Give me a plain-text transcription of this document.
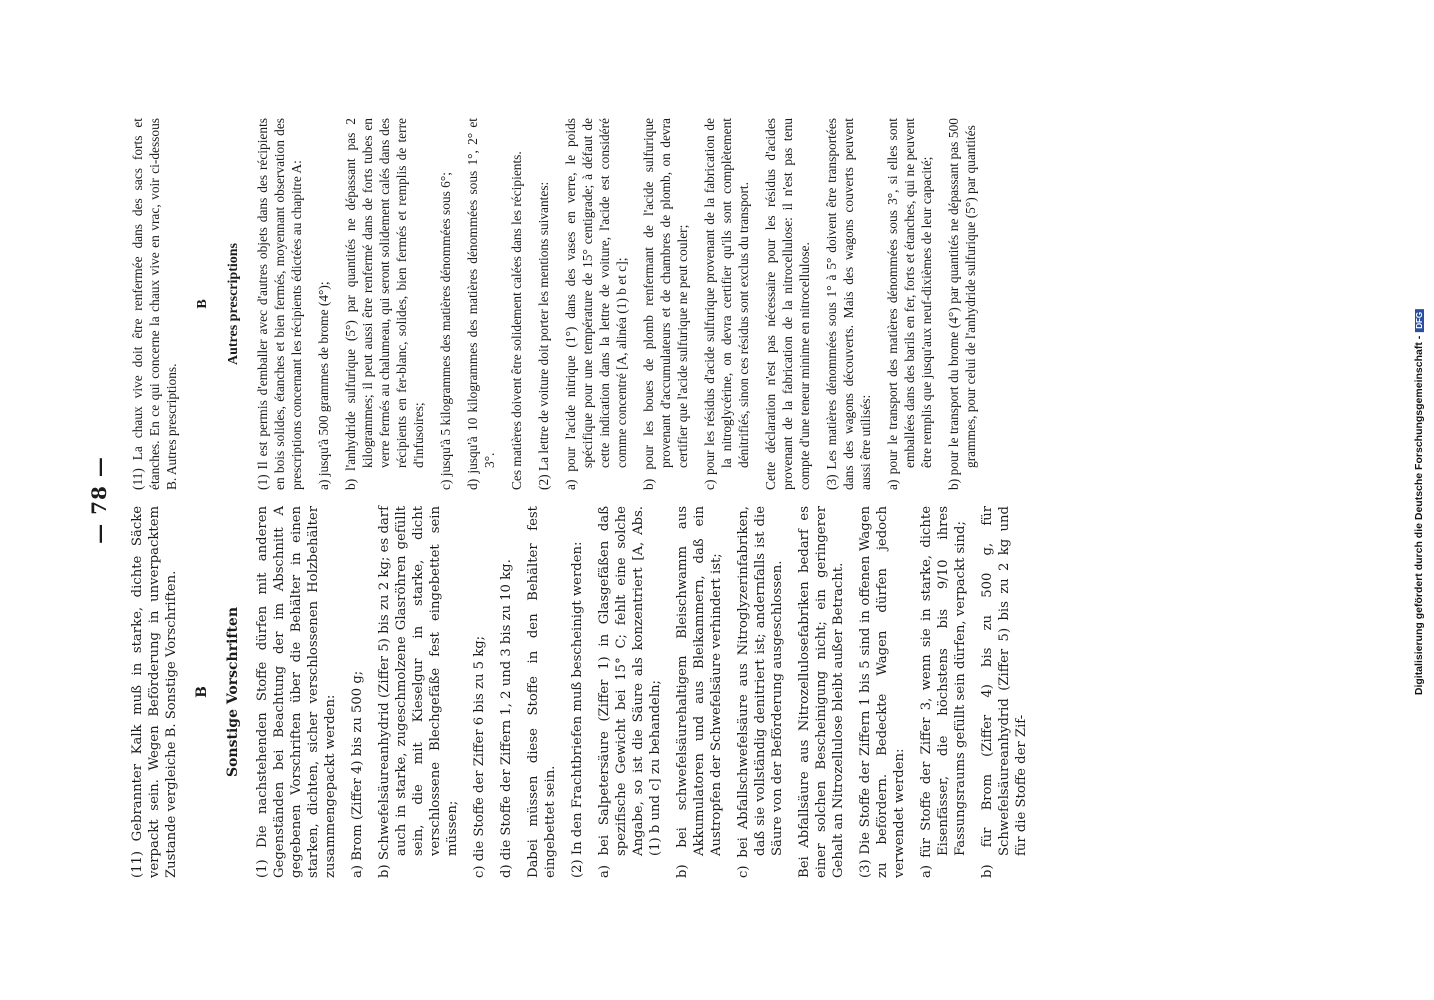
— 78 —

(11) Gebrannter Kalk muß in starke, dichte Säcke verpackt sein. Wegen Beförderung in unverpacktem Zustande vergleiche B. Sonstige Vorschriften. B Sonstige Vorschriften (1) Die nachstehenden Stoffe dürfen mit anderen Gegenständen bei Beachtung der im Abschnitt A gegebenen Vorschriften über die Behälter in einen starken, dichten, sicher verschlossenen Holzbehälter zusammengepackt werden: a) Brom (Ziffer 4) bis zu 500 g; b) Schwefelsäureanhydrid (Ziffer 5) bis zu 2 kg; es darf auch in starke, zugeschmolzene Glasröhren gefüllt sein, die mit Kieselgur in starke, dicht verschlossene Blechgefäße fest eingebettet sein müssen; c) die Stoffe der Ziffer 6 bis zu 5 kg; d) die Stoffe der Ziffern 1, 2 und 3 bis zu 10 kg. Dabei müssen diese Stoffe in den Behälter fest eingebettet sein. (2) In den Frachtbriefen muß bescheinigt werden: a) bei Salpetersäure (Ziffer 1) in Glasgefäßen daß spezifische Gewicht bei 15° C; fehlt eine solche Angabe, so ist die Säure als konzentriert [A, Abs. (1) b und c] zu behandeln; b) bei schwefelsäurehaltigem Bleischwamm aus Akkumulatoren und aus Bleikammern, daß ein Austropfen der Schwefelsäure verhindert ist; c) bei Abfallschwefelsäure aus Nitroglyzerinfabriken, daß sie vollständig denitriert ist; andernfalls ist die Säure von der Beförderung ausgeschlossen. Bei Abfallsäure aus Nitrozellulosefabriken bedarf es einer solchen Bescheinigung nicht; ein geringerer Gehalt an Nitrozellulose bleibt außer Betracht. (3) Die Stoffe der Ziffern 1 bis 5 sind in offenen Wagen zu befördern. Bedeckte Wagen dürfen jedoch verwendet werden: a) für Stoffe der Ziffer 3, wenn sie in starke, dichte Eisenfässer, die höchstens bis 9/10 ihres Fassungsraums gefüllt sein dürfen, verpackt sind; b) für Brom (Ziffer 4) bis zu 500 g, für Schwefelsäureanhydrid (Ziffer 5) bis zu 2 kg und für die Stoffe der Zif-

(11) La chaux vive doit être renfermée dans des sacs forts et étanches. En ce qui concerne la chaux vive en vrac, voir ci-dessous B. Autres prescriptions.

B Autres prescriptions (1) Il est permis d'emballer avec d'autres objets dans des récipients en bois solides, étanches et bien fermés, moyennant observation des prescriptions concernant les récipients édictées au chapitre A: a) jusqu'à 500 grammes de brome (4°); b) l'anhydride sulfurique (5°) par quantités ne dépassant pas 2 kilogrammes; il peut aussi être renfermé dans de forts tubes en verre fermés au chalumeau, qui seront solidement calés dans des récipients en fer-blanc, solides, bien fermés et remplis de terre d'infusoires; c) jusqu'à 5 kilogrammes des matières dénommées sous 6°; d) jusqu'à 10 kilogrammes des matières dénommées sous 1°, 2° et 3°. Ces matières doivent être solidement calées dans les récipients. (2) La lettre de voiture doit porter les mentions suivantes: a) pour l'acide nitrique (1°) dans des vases en verre, le poids spécifique pour une température de 15° centigrade; à défaut de cette indication dans la lettre de voiture, l'acide est considéré comme concentré [A, alinéa (1) b et c]; b) pour les boues de plomb renfermant de l'acide sulfurique provenant d'accumulateurs et de chambres de plomb, on devra certifier que l'acide sulfurique ne peut couler; c) pour les résidus d'acide sulfurique provenant de la fabrication de la nitroglycérine, on devra certifier qu'ils sont complètement dénitrifiés, sinon ces résidus sont exclus du transport. Cette déclaration n'est pas nécessaire pour les résidus d'acides provenant de la fabrication de la nitrocellulose: il n'est pas tenu compte d'une teneur minime en nitrocellulose. (3) Les matières dénommées sous 1° à 5° doivent être transportées dans des wagons découverts. Mais des wagons couverts peuvent aussi être utilisés: a) pour le transport des matières dénommées sous 3°, si elles sont emballées dans des barils en fer, forts et étanches, qui ne peuvent être remplis que jusqu'aux neuf-dixièmes de leur capacité; b) pour le transport du brome (4°) par quantités ne dépassant pas 500 grammes, pour celui de l'anhydride sulfurique (5°) par quantités

Digitalisierung gefördert durch die Deutsche Forschungsgemeinschaft -DFG
